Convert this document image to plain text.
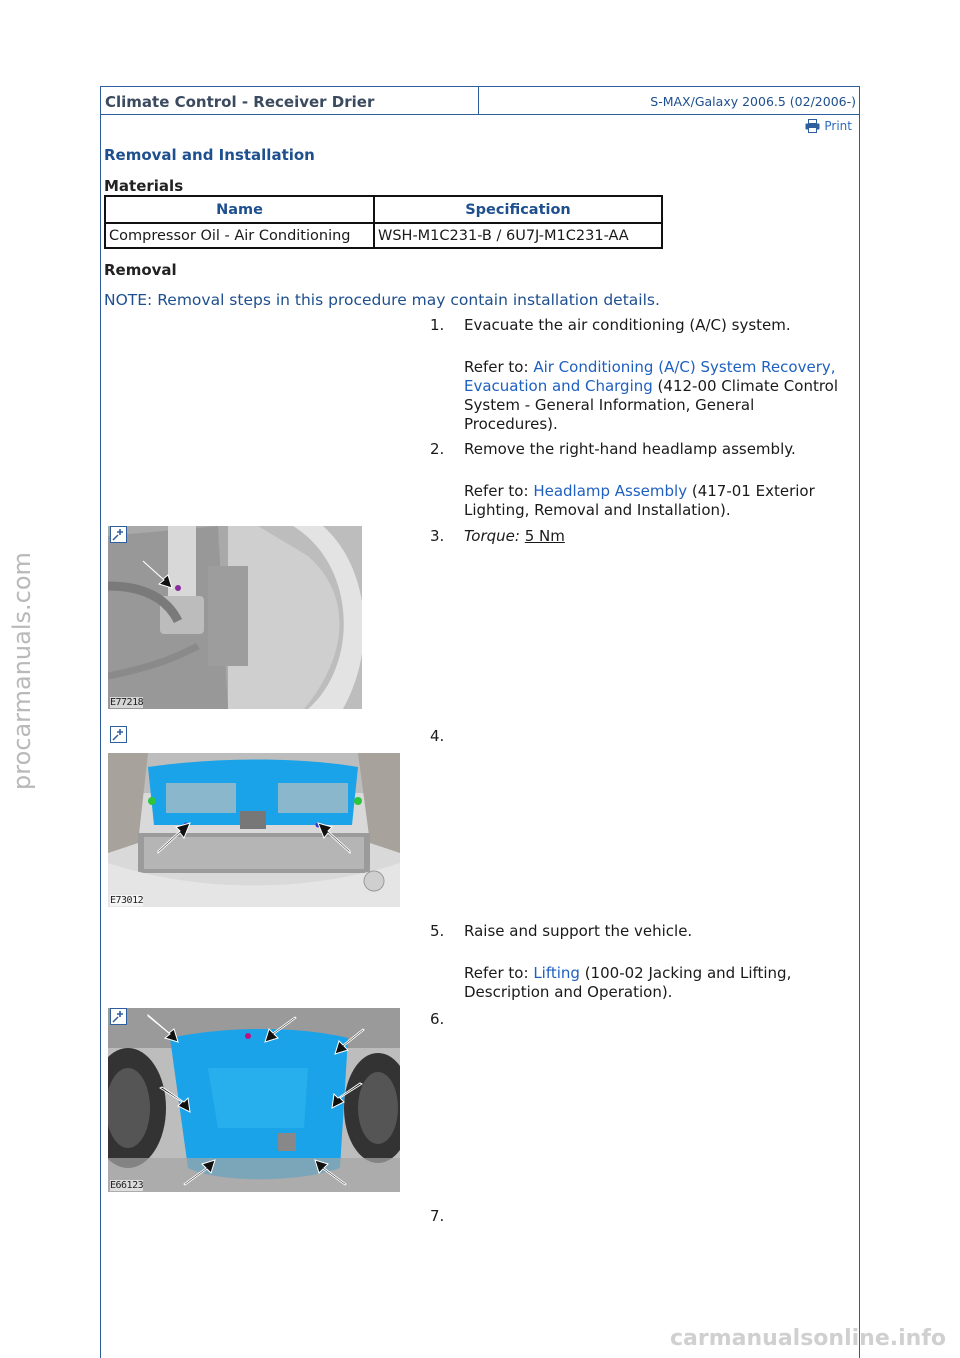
Climate Control - Receiver Drier	S-MAX/Galaxy 2006.5 (02/2006-)
Print
Removal and Installation
Materials
Name	Specification
Compressor Oil - Air Conditioning	WSH-M1C231-B / 6U7J-M1C231-AA
Removal
NOTE: Removal steps in this procedure may contain installation details.
1.	Evacuate the air conditioning (A/C) system.
Refer to: Air Conditioning (A/C) System Recovery, Evacuation and Charging (412-00 Climate Control System - General Information, General Procedures).
2.	Remove the right-hand headlamp assembly.
Refer to: Headlamp Assembly (417-01 Exterior Lighting, Removal and Installation).
3.	Torque: 5 Nm
E77218
4.
E73012
5.	Raise and support the vehicle.
Refer to: Lifting (100-02 Jacking and Lifting, Description and Operation).
6.
E66123
7.
procarmanuals.com
carmanualsonline.info
